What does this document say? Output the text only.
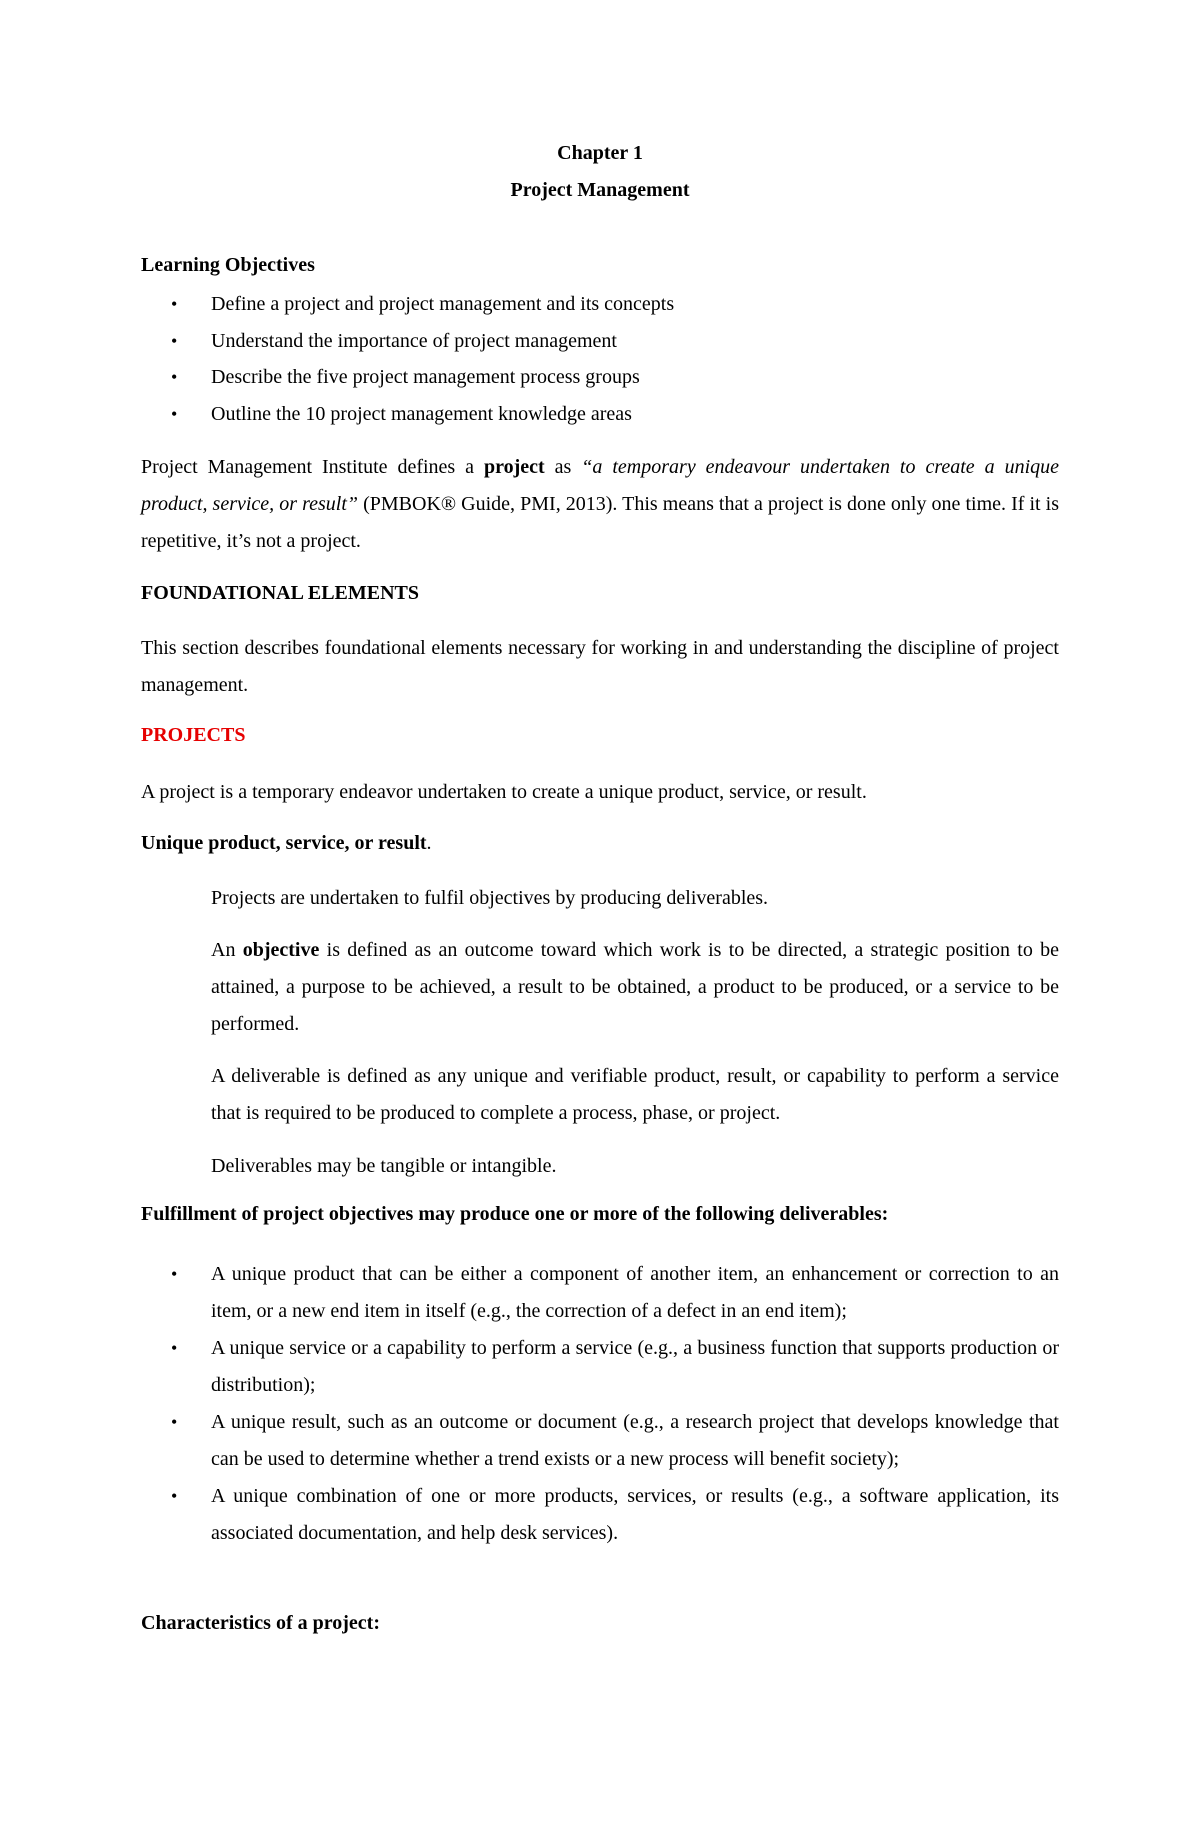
Chapter 1

Project Management

Learning Objectives

• Define a project and project management and its concepts
• Understand the importance of project management
• Describe the five project management process groups
• Outline the 10 project management knowledge areas

Project Management Institute defines a project as “a temporary endeavour undertaken to create a unique product, service, or result” (PMBOK® Guide, PMI, 2013). This means that a project is done only one time. If it is repetitive, it’s not a project.

FOUNDATIONAL ELEMENTS

This section describes foundational elements necessary for working in and understanding the discipline of project management.

PROJECTS

A project is a temporary endeavor undertaken to create a unique product, service, or result.

Unique product, service, or result.

Projects are undertaken to fulfil objectives by producing deliverables.

An objective is defined as an outcome toward which work is to be directed, a strategic position to be attained, a purpose to be achieved, a result to be obtained, a product to be produced, or a service to be performed.

A deliverable is defined as any unique and verifiable product, result, or capability to perform a service that is required to be produced to complete a process, phase, or project.

Deliverables may be tangible or intangible.

Fulfillment of project objectives may produce one or more of the following deliverables:

• A unique product that can be either a component of another item, an enhancement or correction to an item, or a new end item in itself (e.g., the correction of a defect in an end item);
• A unique service or a capability to perform a service (e.g., a business function that supports production or distribution);
• A unique result, such as an outcome or document (e.g., a research project that develops knowledge that can be used to determine whether a trend exists or a new process will benefit society);
• A unique combination of one or more products, services, or results (e.g., a software application, its associated documentation, and help desk services).

Characteristics of a project:
